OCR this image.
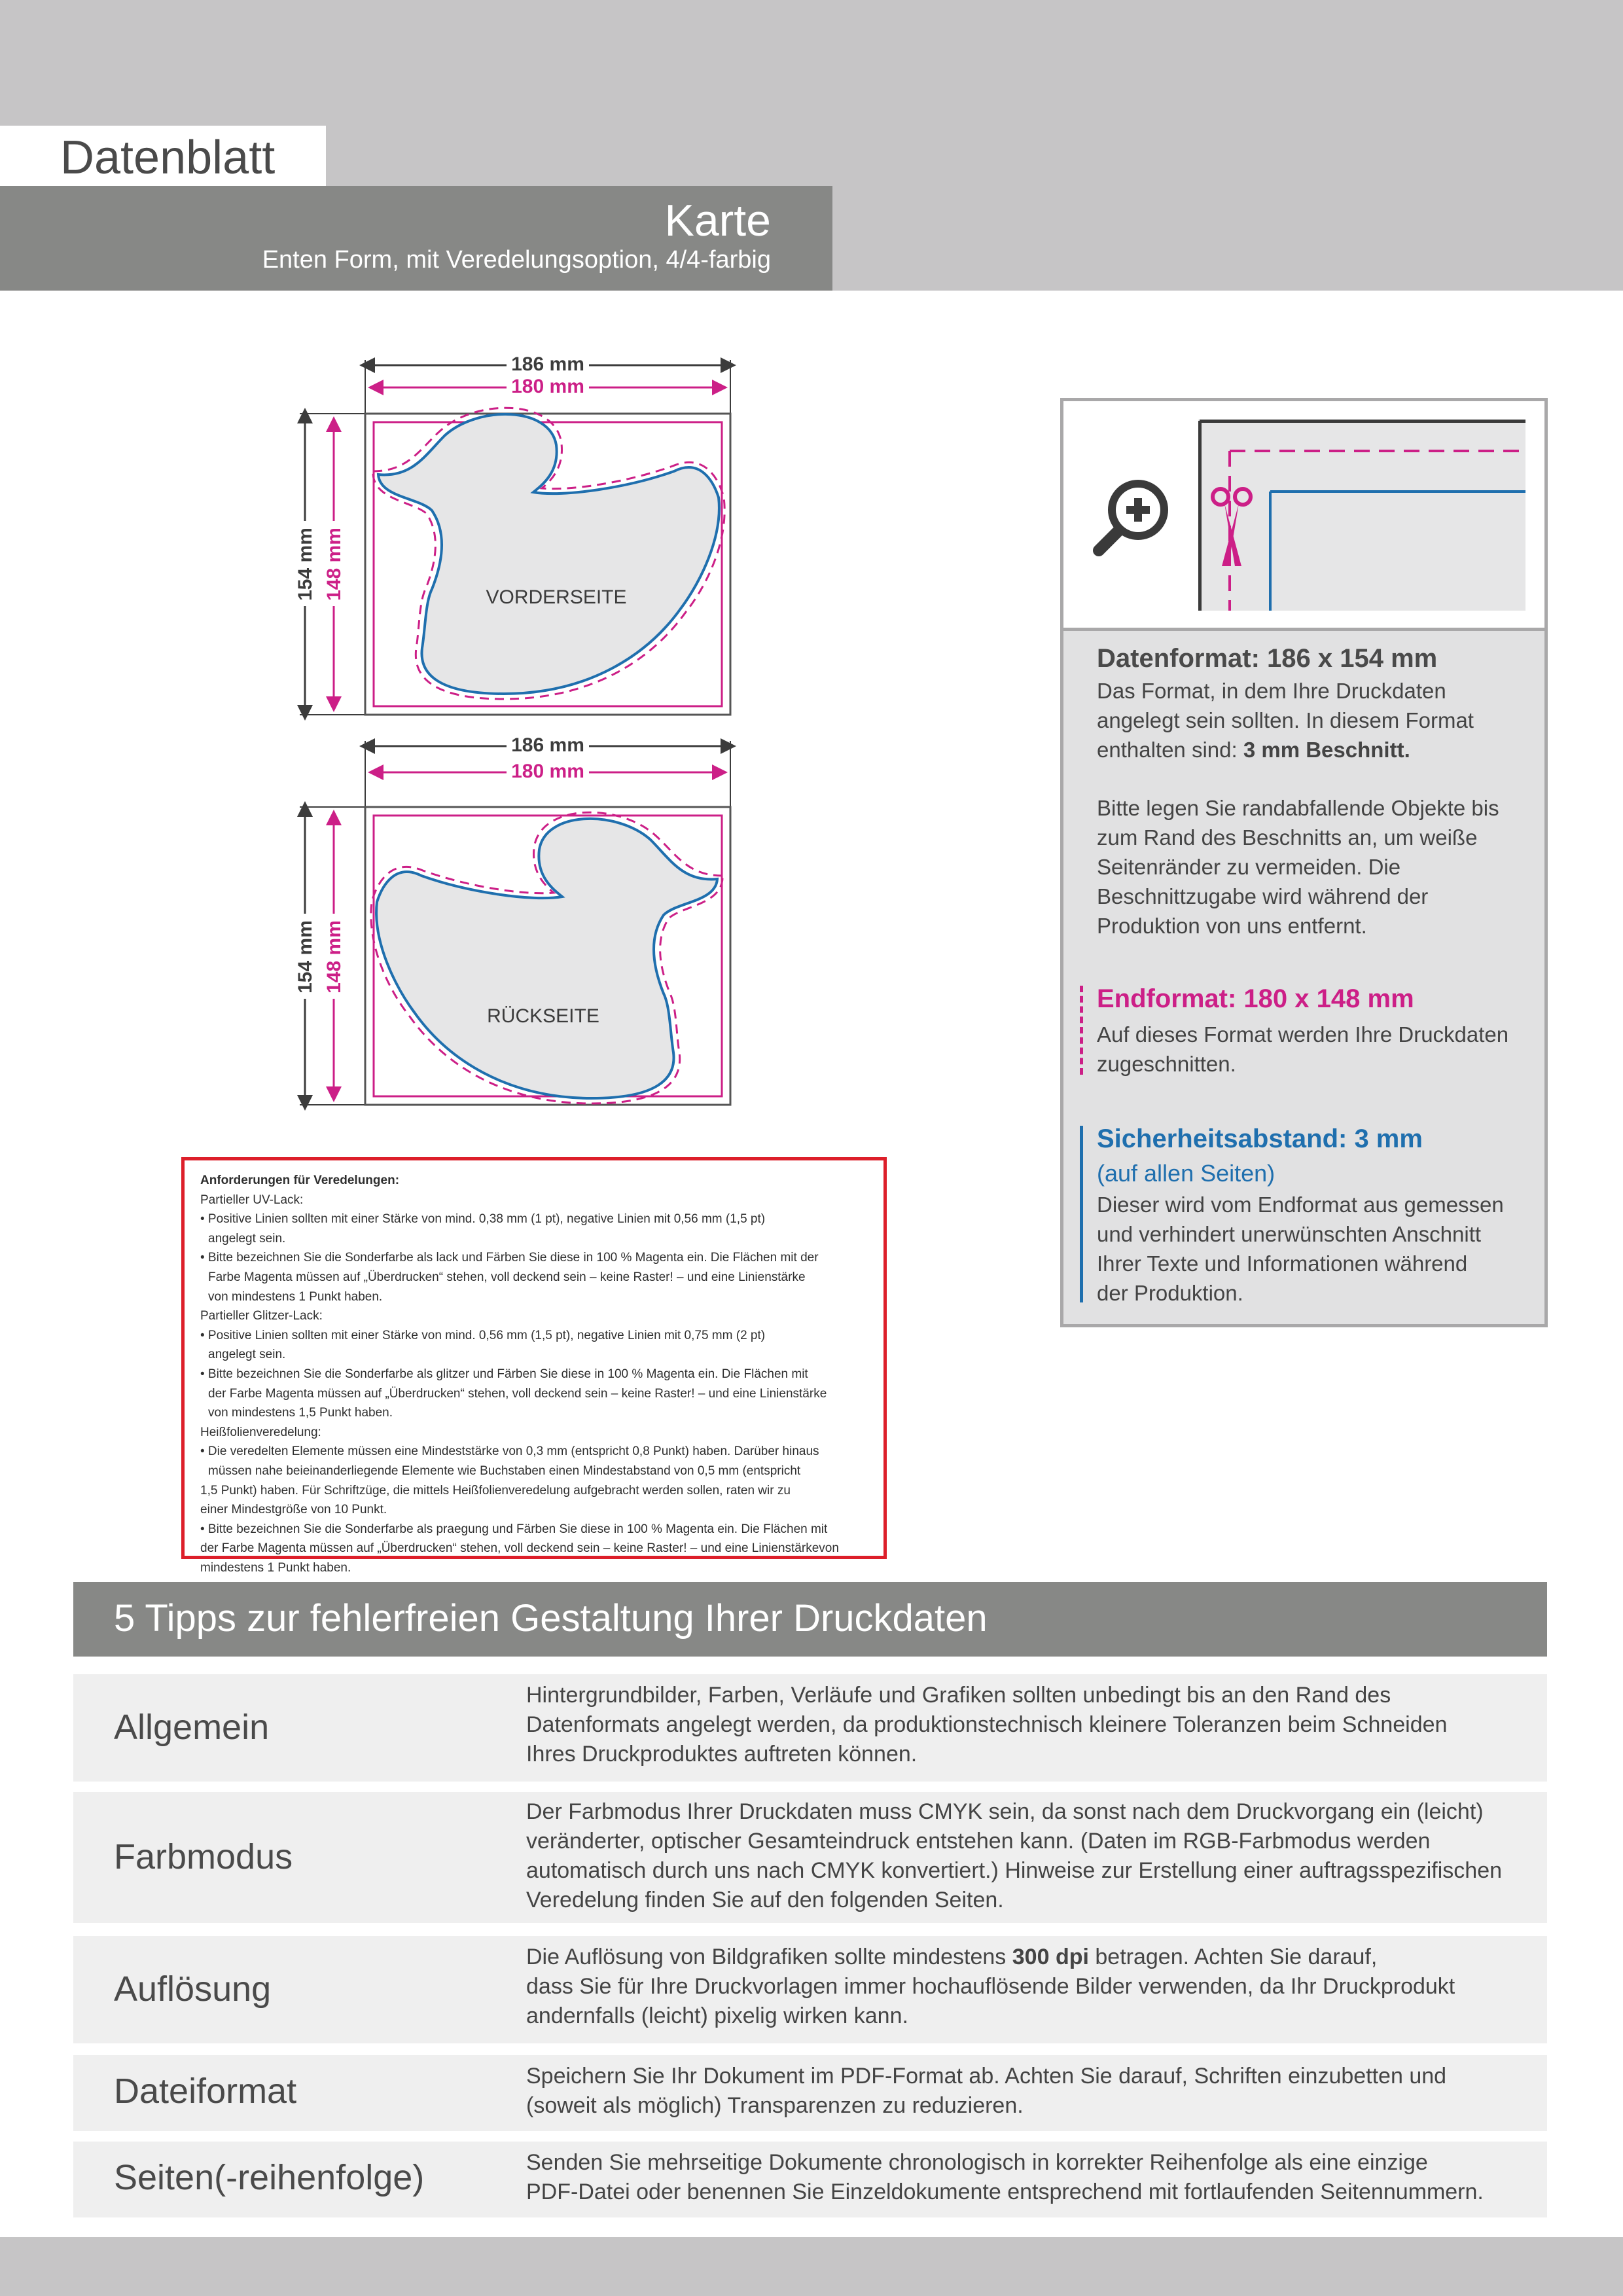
Datenblatt
Karte
Enten Form, mit Veredelungsoption, 4/4-farbig
186 mm
180 mm
154 mm 148 mm	VORDERSEITE
186 mm
180 mm
154 mm 148 mm
RÜCKSEITE
Anforderungen für Veredelungen:
Partieller UV-Lack:
• Positive Linien sollten mit einer Stärke von mind. 0,38 mm (1 pt), negative Linien mit 0,56 mm (1,5 pt)
angelegt sein.
• Bitte bezeichnen Sie die Sonderfarbe als lack und Färben Sie diese in 100 % Magenta ein. Die Flächen mit der
Farbe Magenta müssen auf „Überdrucken“ stehen, voll deckend sein – keine Raster! – und eine Linienstärke
von mindestens 1 Punkt haben.
Partieller Glitzer-Lack:
• Positive Linien sollten mit einer Stärke von mind. 0,56 mm (1,5 pt), negative Linien mit 0,75 mm (2 pt)
angelegt sein.
• Bitte bezeichnen Sie die Sonderfarbe als glitzer und Färben Sie diese in 100 % Magenta ein. Die Flächen mit
der Farbe Magenta müssen auf „Überdrucken“ stehen, voll deckend sein – keine Raster! – und eine Linienstärke
von mindestens 1,5 Punkt haben.
Heißfolienveredelung:
• Die veredelten Elemente müssen eine Mindeststärke von 0,3 mm (entspricht 0,8 Punkt) haben. Darüber hinaus
müssen nahe beieinanderliegende Elemente wie Buchstaben einen Mindestabstand von 0,5 mm (entspricht
1,5 Punkt) haben. Für Schriftzüge, die mittels Heißfolienveredelung aufgebracht werden sollen, raten wir zu
einer Mindestgröße von 10 Punkt.
• Bitte bezeichnen Sie die Sonderfarbe als praegung und Färben Sie diese in 100 % Magenta ein. Die Flächen mit
der Farbe Magenta müssen auf „Überdrucken“ stehen, voll deckend sein – keine Raster! – und eine Linienstärkevon
mindestens 1 Punkt haben.
Datenformat: 186 x 154 mm
Das Format, in dem Ihre Druckdaten
angelegt sein sollten. In diesem Format
enthalten sind: 3 mm Beschnitt.
Bitte legen Sie randabfallende Objekte bis
zum Rand des Beschnitts an, um weiße
Seitenränder zu vermeiden. Die
Beschnittzugabe wird während der
Produktion von uns entfernt.
Endformat: 180 x 148 mm
Auf dieses Format werden Ihre Druckdaten
zugeschnitten.
Sicherheitsabstand: 3 mm
(auf allen Seiten)
Dieser wird vom Endformat aus gemessen
und verhindert unerwünschten Anschnitt
Ihrer Texte und Informationen während
der Produktion.
5 Tipps zur fehlerfreien Gestaltung Ihrer Druckdaten
Allgemein
Hintergrundbilder, Farben, Verläufe und Grafiken sollten unbedingt bis an den Rand des
Datenformats angelegt werden, da produktionstechnisch kleinere Toleranzen beim Schneiden
Ihres Druckproduktes auftreten können.
Farbmodus
Der Farbmodus Ihrer Druckdaten muss CMYK sein, da sonst nach dem Druckvorgang ein (leicht)
veränderter, optischer Gesamteindruck entstehen kann. (Daten im RGB-Farbmodus werden
automatisch durch uns nach CMYK konvertiert.) Hinweise zur Erstellung einer auftragsspezifischen
Veredelung finden Sie auf den folgenden Seiten.
Auflösung
Die Auflösung von Bildgrafiken sollte mindestens 300 dpi betragen. Achten Sie darauf,
dass Sie für Ihre Druckvorlagen immer hochauflösende Bilder verwenden, da Ihr Druckprodukt
andernfalls (leicht) pixelig wirken kann.
Dateiformat	Speichern Sie Ihr Dokument im PDF-Format ab. Achten Sie darauf, Schriften einzubetten und
(soweit als möglich) Transparenzen zu reduzieren.
Seiten(-reihenfolge)	Senden Sie mehrseitige Dokumente chronologisch in korrekter Reihenfolge als eine einzige
PDF-Datei oder benennen Sie Einzeldokumente entsprechend mit fortlaufenden Seitennummern.
